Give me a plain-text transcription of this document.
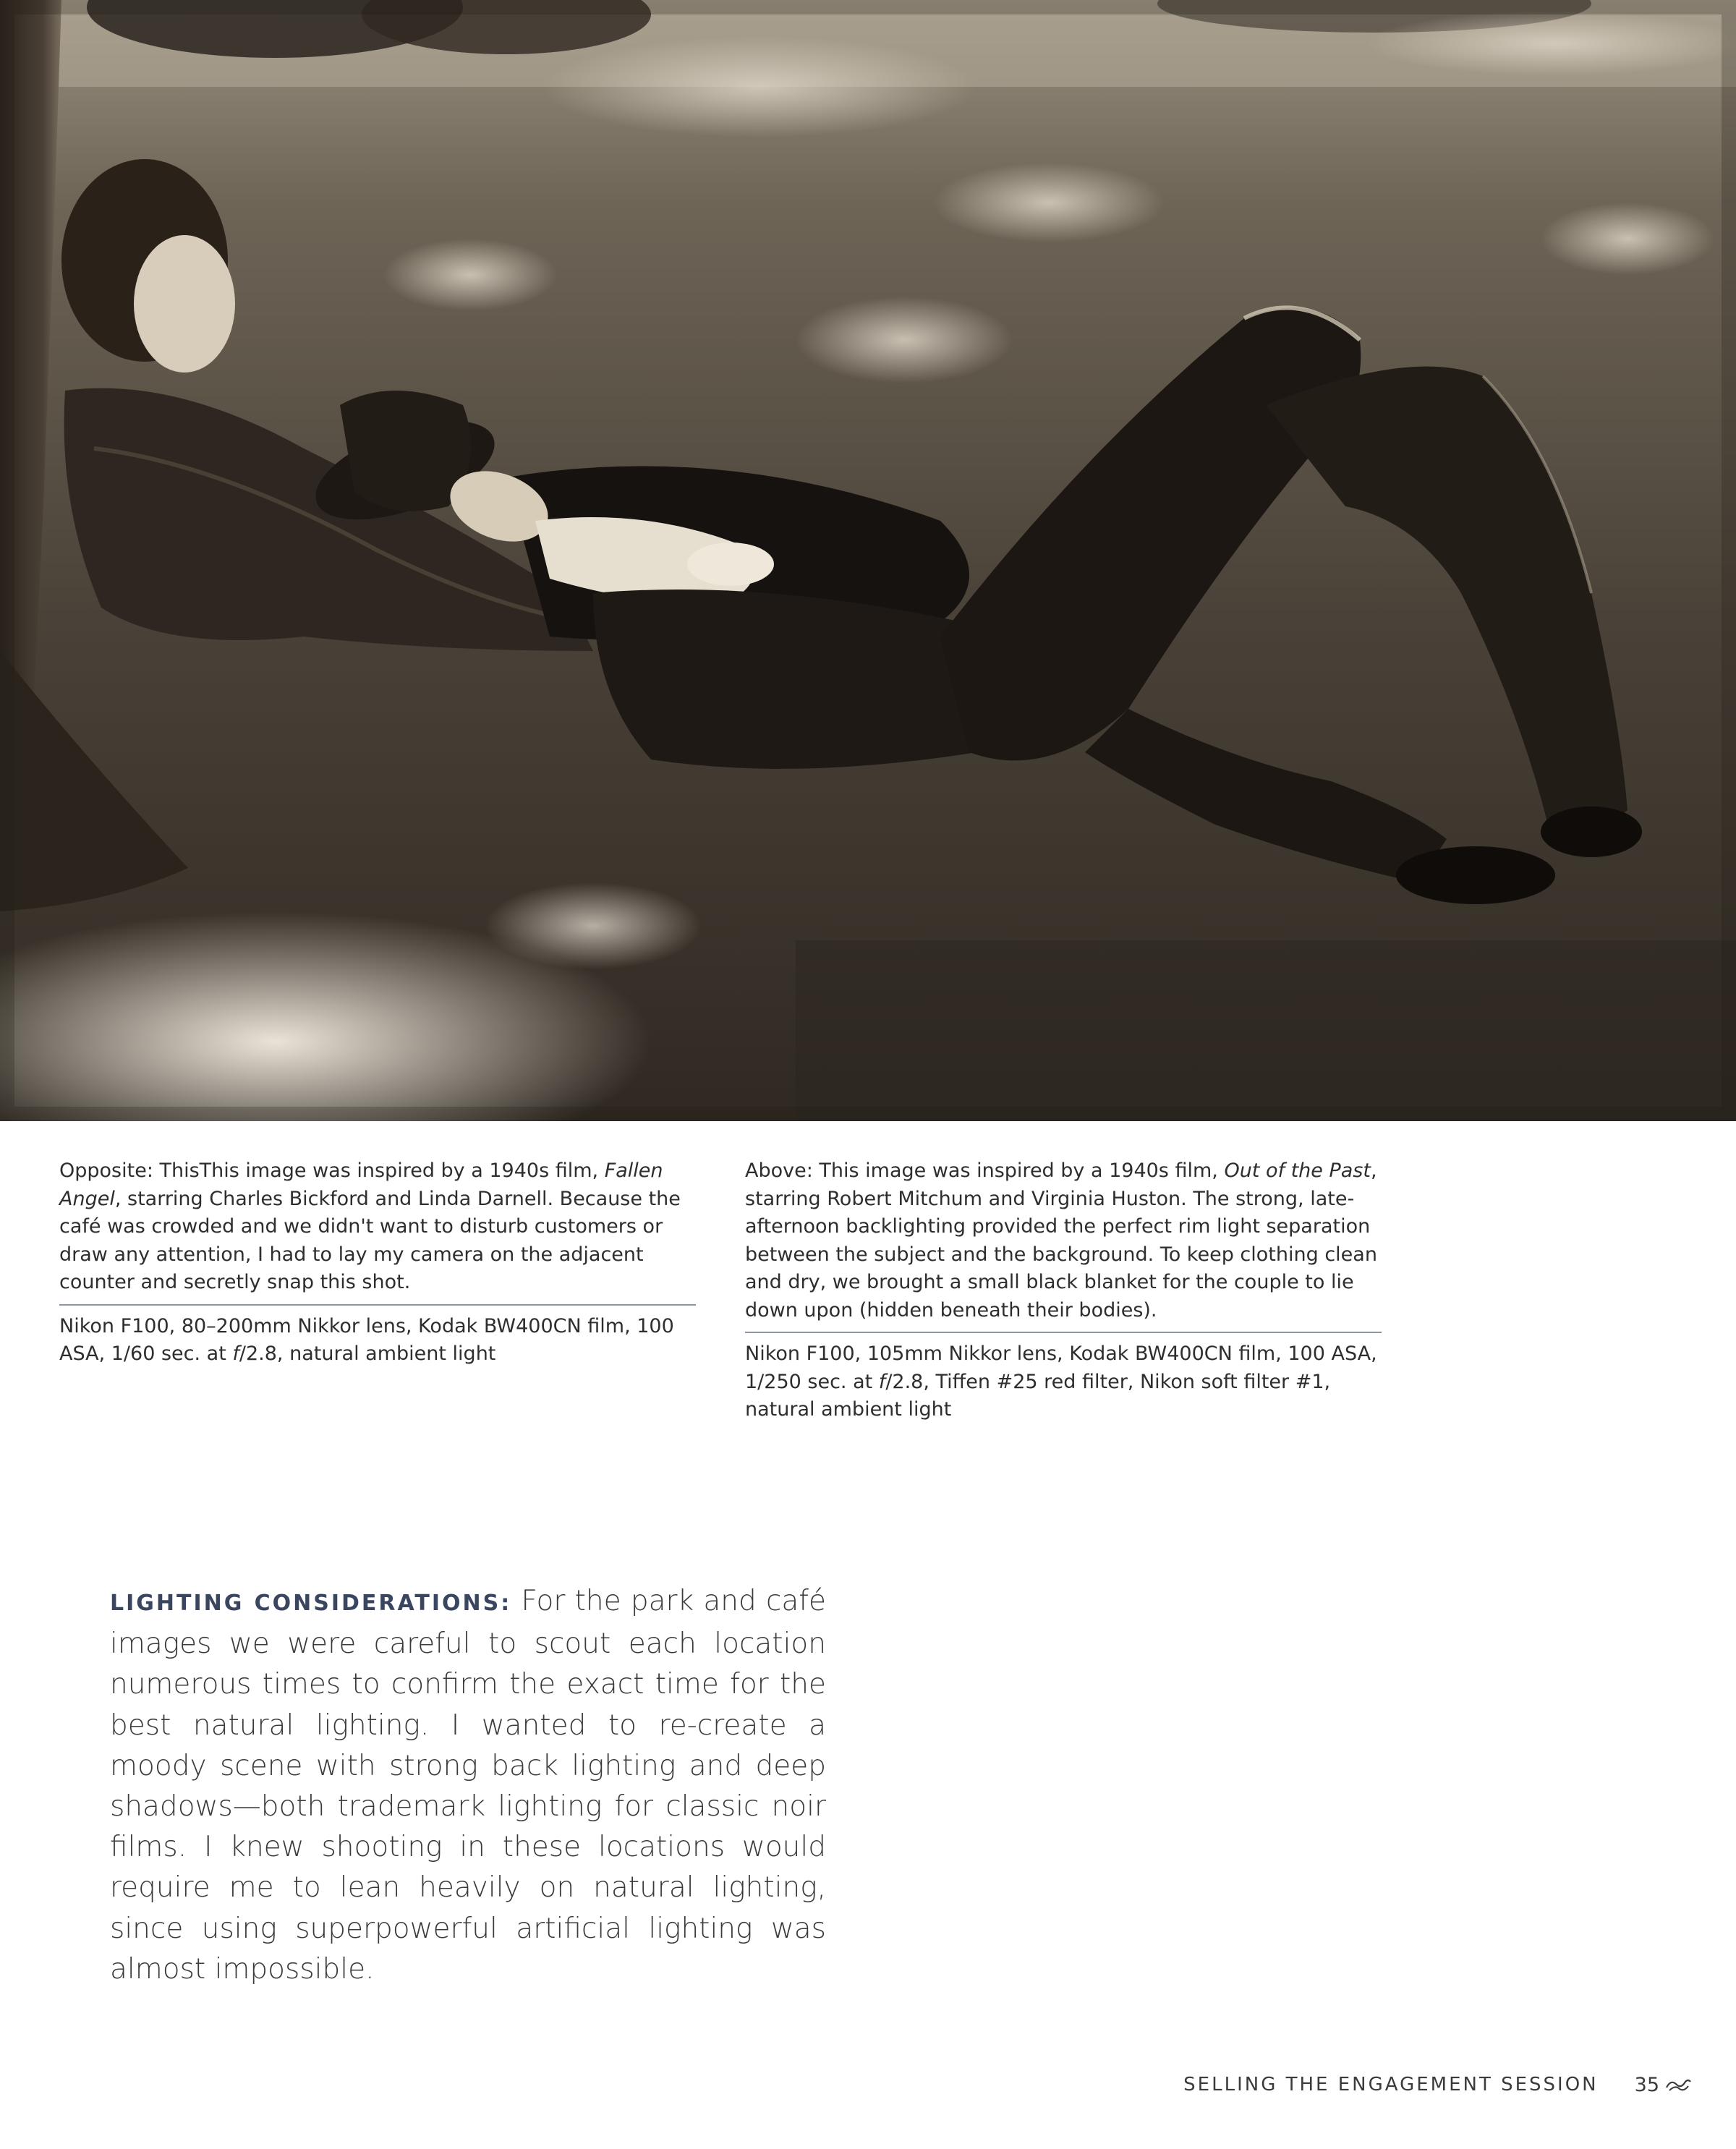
Opposite: ThisThis image was inspired by a 1940s film, Fallen Angel, starring Charles Bickford and Linda Darnell. Because the café was crowded and we didn't want to disturb customers or draw any attention, I had to lay my camera on the adjacent counter and secretly snap this shot.

Nikon F100, 80–200mm Nikkor lens, Kodak BW400CN film, 100 ASA, 1/60 sec. at f/2.8, natural ambient light

Above: This image was inspired by a 1940s film, Out of the Past, starring Robert Mitchum and Virginia Huston. The strong, late-afternoon backlighting provided the perfect rim light separation between the subject and the background. To keep clothing clean and dry, we brought a small black blanket for the couple to lie down upon (hidden beneath their bodies).

Nikon F100, 105mm Nikkor lens, Kodak BW400CN film, 100 ASA, 1/250 sec. at f/2.8, Tiffen #25 red filter, Nikon soft filter #1, natural ambient light

LIGHTING CONSIDERATIONS: For the park and café images we were careful to scout each location numerous times to confirm the exact time for the best natural lighting. I wanted to re-create a moody scene with strong back lighting and deep shadows—both trademark lighting for classic noir films. I knew shooting in these locations would require me to lean heavily on natural lighting, since using superpowerful artificial lighting was almost impossible.
SELLING THE ENGAGEMENT SESSION 35
